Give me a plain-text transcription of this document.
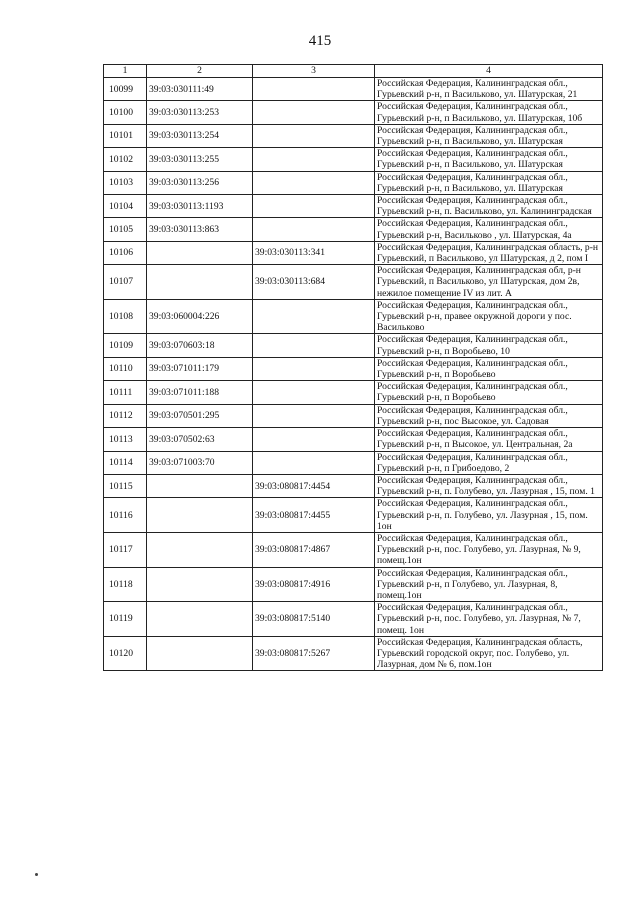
415
1	2	3	4
10099	39:03:030111:49		Российская Федерация, Калининградская обл., Гурьевский р-н, п Васильково, ул. Шатурская, 21
10100	39:03:030113:253		Российская Федерация, Калининградская обл., Гурьевский р-н, п Васильково, ул. Шатурская, 10б
10101	39:03:030113:254		Российская Федерация, Калининградская обл., Гурьевский р-н, п Васильково, ул. Шатурская
10102	39:03:030113:255		Российская Федерация, Калининградская обл., Гурьевский р-н, п Васильково, ул. Шатурская
10103	39:03:030113:256		Российская Федерация, Калининградская обл., Гурьевский р-н, п Васильково, ул. Шатурская
10104	39:03:030113:1193		Российская Федерация, Калининградская обл., Гурьевский р-н, п. Васильково, ул. Калининградская
10105	39:03:030113:863		Российская Федерация, Калининградская обл., Гурьевский р-н, Васильково , ул. Шатурская, 4а
10106		39:03:030113:341	Российская Федерация, Калининградская область, р-н Гурьевский, п Васильково, ул Шатурская, д 2, пом I
10107		39:03:030113:684	Российская Федерация, Калининградская обл, р-н Гурьевский, п Васильково, ул Шатурская, дом 2в, нежилое помещение IV из лит. А
10108	39:03:060004:226		Российская Федерация, Калининградская обл., Гурьевский р-н, правее окружной дороги у пос. Васильково
10109	39:03:070603:18		Российская Федерация, Калининградская обл., Гурьевский р-н, п Воробьево, 10
10110	39:03:071011:179		Российская Федерация, Калининградская обл., Гурьевский р-н, п Воробьево
10111	39:03:071011:188		Российская Федерация, Калининградская обл., Гурьевский р-н, п Воробьево
10112	39:03:070501:295		Российская Федерация, Калининградская обл., Гурьевский р-н, пос Высокое, ул. Садовая
10113	39:03:070502:63		Российская Федерация, Калининградская обл., Гурьевский р-н, п Высокое, ул. Центральная, 2а
10114	39:03:071003:70		Российская Федерация, Калининградская обл., Гурьевский р-н, п Грибоедово, 2
10115		39:03:080817:4454	Российская Федерация, Калининградская обл., Гурьевский р-н, п. Голубево, ул. Лазурная , 15, пом. 1
10116		39:03:080817:4455	Российская Федерация, Калининградская обл., Гурьевский р-н, п. Голубево, ул. Лазурная , 15, пом. 1он
10117		39:03:080817:4867	Российская Федерация, Калининградская обл., Гурьевский р-н, пос. Голубево, ул. Лазурная, № 9, помещ.1он
10118		39:03:080817:4916	Российская Федерация, Калининградская обл., Гурьевский р-н, п Голубево, ул. Лазурная, 8, помещ.1он
10119		39:03:080817:5140	Российская Федерация, Калининградская обл., Гурьевский р-н, пос. Голубево, ул. Лазурная, № 7, помещ. 1он
10120		39:03:080817:5267	Российская Федерация, Калининградская область, Гурьевский городской округ, пос. Голубево, ул. Лазурная, дом № 6, пом.1он
